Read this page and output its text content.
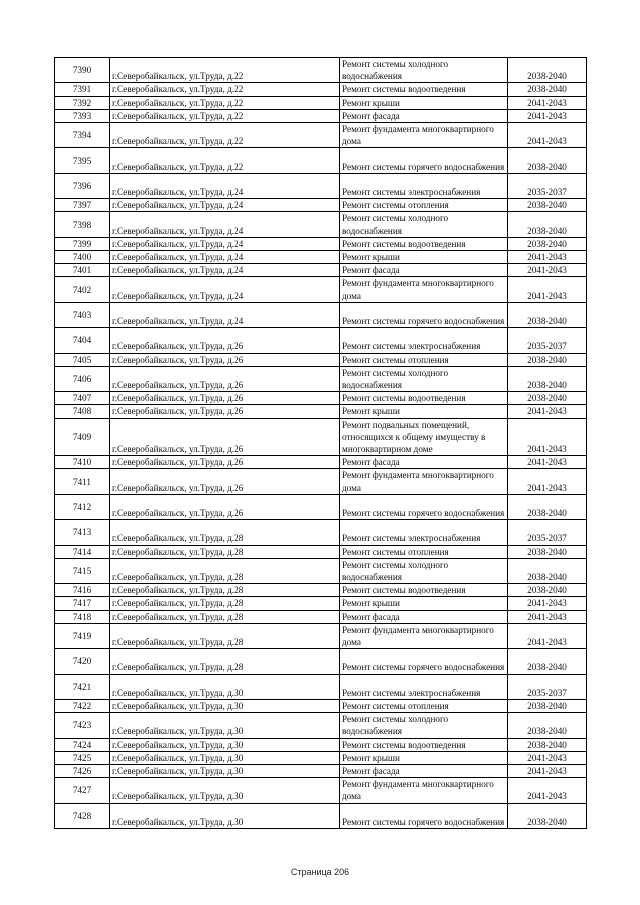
7390	г.Северобайкальск, ул.Труда, д.22	Ремонт системы холодного водоснабжения	2038-2040
7391	г.Северобайкальск, ул.Труда, д.22	Ремонт системы водоотведения	2038-2040
7392	г.Северобайкальск, ул.Труда, д.22	Ремонт крыши	2041-2043
7393	г.Северобайкальск, ул.Труда, д.22	Ремонт фасада	2041-2043
7394	г.Северобайкальск, ул.Труда, д.22	Ремонт фундамента многоквартирного дома	2041-2043
7395	г.Северобайкальск, ул.Труда, д.22	Ремонт системы горячего водоснабжения	2038-2040
7396	г.Северобайкальск, ул.Труда, д.24	Ремонт системы электроснабжения	2035-2037
7397	г.Северобайкальск, ул.Труда, д.24	Ремонт системы отопления	2038-2040
7398	г.Северобайкальск, ул.Труда, д.24	Ремонт системы холодного водоснабжения	2038-2040
7399	г.Северобайкальск, ул.Труда, д.24	Ремонт системы водоотведения	2038-2040
7400	г.Северобайкальск, ул.Труда, д.24	Ремонт крыши	2041-2043
7401	г.Северобайкальск, ул.Труда, д.24	Ремонт фасада	2041-2043
7402	г.Северобайкальск, ул.Труда, д.24	Ремонт фундамента многоквартирного дома	2041-2043
7403	г.Северобайкальск, ул.Труда, д.24	Ремонт системы горячего водоснабжения	2038-2040
7404	г.Северобайкальск, ул.Труда, д.26	Ремонт системы электроснабжения	2035-2037
7405	г.Северобайкальск, ул.Труда, д.26	Ремонт системы отопления	2038-2040
7406	г.Северобайкальск, ул.Труда, д.26	Ремонт системы холодного водоснабжения	2038-2040
7407	г.Северобайкальск, ул.Труда, д.26	Ремонт системы водоотведения	2038-2040
7408	г.Северобайкальск, ул.Труда, д.26	Ремонт крыши	2041-2043
7409	г.Северобайкальск, ул.Труда, д.26	Ремонт подвальных помещений, относящихся к общему имуществу в многоквартирном доме	2041-2043
7410	г.Северобайкальск, ул.Труда, д.26	Ремонт фасада	2041-2043
7411	г.Северобайкальск, ул.Труда, д.26	Ремонт фундамента многоквартирного дома	2041-2043
7412	г.Северобайкальск, ул.Труда, д.26	Ремонт системы горячего водоснабжения	2038-2040
7413	г.Северобайкальск, ул.Труда, д.28	Ремонт системы электроснабжения	2035-2037
7414	г.Северобайкальск, ул.Труда, д.28	Ремонт системы отопления	2038-2040
7415	г.Северобайкальск, ул.Труда, д.28	Ремонт системы холодного водоснабжения	2038-2040
7416	г.Северобайкальск, ул.Труда, д.28	Ремонт системы водоотведения	2038-2040
7417	г.Северобайкальск, ул.Труда, д.28	Ремонт крыши	2041-2043
7418	г.Северобайкальск, ул.Труда, д.28	Ремонт фасада	2041-2043
7419	г.Северобайкальск, ул.Труда, д.28	Ремонт фундамента многоквартирного дома	2041-2043
7420	г.Северобайкальск, ул.Труда, д.28	Ремонт системы горячего водоснабжения	2038-2040
7421	г.Северобайкальск, ул.Труда, д.30	Ремонт системы электроснабжения	2035-2037
7422	г.Северобайкальск, ул.Труда, д.30	Ремонт системы отопления	2038-2040
7423	г.Северобайкальск, ул.Труда, д.30	Ремонт системы холодного водоснабжения	2038-2040
7424	г.Северобайкальск, ул.Труда, д.30	Ремонт системы водоотведения	2038-2040
7425	г.Северобайкальск, ул.Труда, д.30	Ремонт крыши	2041-2043
7426	г.Северобайкальск, ул.Труда, д.30	Ремонт фасада	2041-2043
7427	г.Северобайкальск, ул.Труда, д.30	Ремонт фундамента многоквартирного дома	2041-2043
7428	г.Северобайкальск, ул.Труда, д.30	Ремонт системы горячего водоснабжения	2038-2040
Страница 206
